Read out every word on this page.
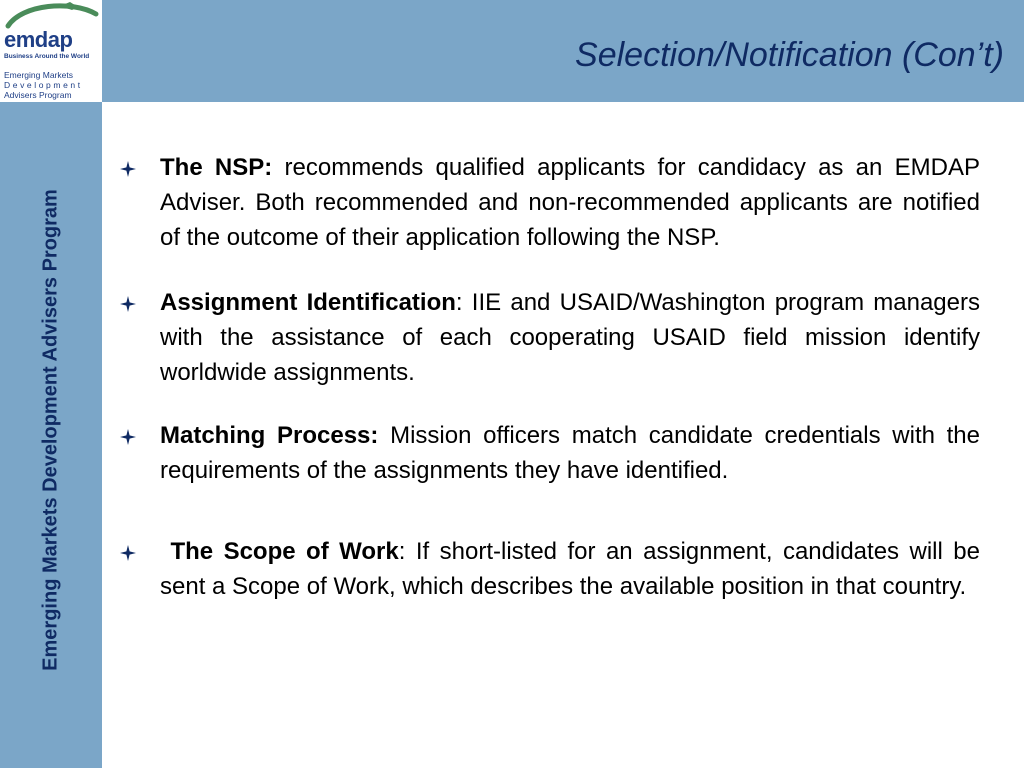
emdap
Business Around the World
Emerging Markets
Development
Advisers Program
Selection/Notification (Con’t)
Emerging Markets Development Advisers Program
The NSP: recommends qualified applicants for candidacy as an EMDAP Adviser. Both recommended and non-recommended applicants are notified of the outcome of their application following the NSP.
Assignment Identification: IIE and USAID/Washington program managers with the assistance of each cooperating USAID field mission identify worldwide assignments.
Matching Process: Mission officers match candidate credentials with the requirements of the assignments they have identified.
The Scope of Work: If short-listed for an assignment, candidates will be sent a Scope of Work, which describes the available position in that country.
